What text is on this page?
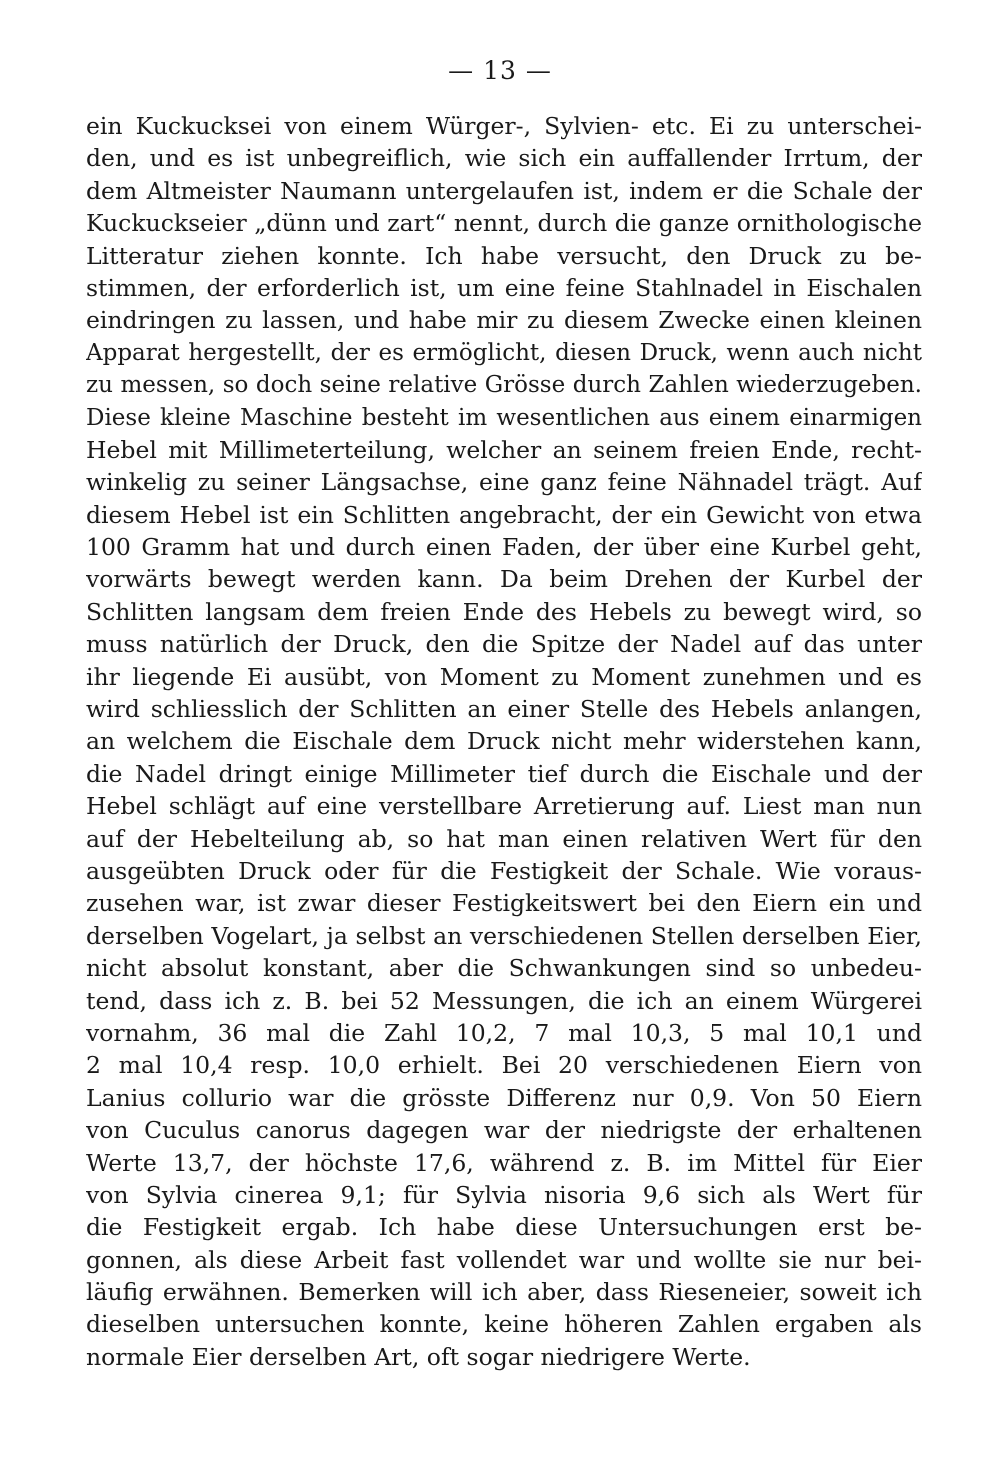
— 13 —
ein Kuckucksei von einem Würger-, Sylvien- etc. Ei zu unterschei-
den, und es ist unbegreiflich, wie sich ein auffallender Irrtum, der
dem Altmeister Naumann untergelaufen ist, indem er die Schale der
Kuckuckseier „dünn und zart“ nennt, durch die ganze ornithologische
Litteratur ziehen konnte. Ich habe versucht, den Druck zu be-
stimmen, der erforderlich ist, um eine feine Stahlnadel in Eischalen
eindringen zu lassen, und habe mir zu diesem Zwecke einen kleinen
Apparat hergestellt, der es ermöglicht, diesen Druck, wenn auch nicht
zu messen, so doch seine relative Grösse durch Zahlen wiederzugeben.
Diese kleine Maschine besteht im wesentlichen aus einem einarmigen
Hebel mit Millimeterteilung, welcher an seinem freien Ende, recht-
winkelig zu seiner Längsachse, eine ganz feine Nähnadel trägt. Auf
diesem Hebel ist ein Schlitten angebracht, der ein Gewicht von etwa
100 Gramm hat und durch einen Faden, der über eine Kurbel geht,
vorwärts bewegt werden kann. Da beim Drehen der Kurbel der
Schlitten langsam dem freien Ende des Hebels zu bewegt wird, so
muss natürlich der Druck, den die Spitze der Nadel auf das unter
ihr liegende Ei ausübt, von Moment zu Moment zunehmen und es
wird schliesslich der Schlitten an einer Stelle des Hebels anlangen,
an welchem die Eischale dem Druck nicht mehr widerstehen kann,
die Nadel dringt einige Millimeter tief durch die Eischale und der
Hebel schlägt auf eine verstellbare Arretierung auf. Liest man nun
auf der Hebelteilung ab, so hat man einen relativen Wert für den
ausgeübten Druck oder für die Festigkeit der Schale. Wie voraus-
zusehen war, ist zwar dieser Festigkeitswert bei den Eiern ein und
derselben Vogelart, ja selbst an verschiedenen Stellen derselben Eier,
nicht absolut konstant, aber die Schwankungen sind so unbedeu-
tend, dass ich z. B. bei 52 Messungen, die ich an einem Würgerei
vornahm, 36 mal die Zahl 10,2, 7 mal 10,3, 5 mal 10,1 und
2 mal 10,4 resp. 10,0 erhielt. Bei 20 verschiedenen Eiern von
Lanius collurio war die grösste Differenz nur 0,9. Von 50 Eiern
von Cuculus canorus dagegen war der niedrigste der erhaltenen
Werte 13,7, der höchste 17,6, während z. B. im Mittel für Eier
von Sylvia cinerea 9,1; für Sylvia nisoria 9,6 sich als Wert für
die Festigkeit ergab. Ich habe diese Untersuchungen erst be-
gonnen, als diese Arbeit fast vollendet war und wollte sie nur bei-
läufig erwähnen. Bemerken will ich aber, dass Rieseneier, soweit ich
dieselben untersuchen konnte, keine höheren Zahlen ergaben als
normale Eier derselben Art, oft sogar niedrigere Werte.
